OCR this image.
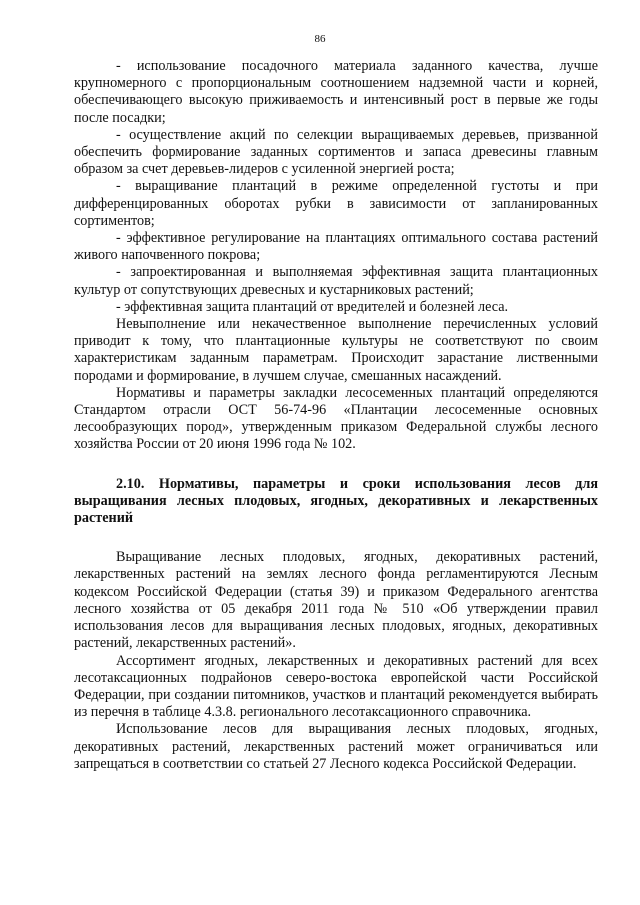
86

- использование посадочного материала заданного качества, лучше крупномерного с пропорциональным соотношением надземной части и корней, обеспечивающего высокую приживаемость и интенсивный рост в первые же годы после посадки;

- осуществление акций по селекции выращиваемых деревьев, призванной обеспечить формирование заданных сортиментов и запаса древесины главным образом за счет деревьев-лидеров с усиленной энергией роста;

- выращивание плантаций в режиме определенной густоты и при дифференцированных оборотах рубки в зависимости от запланированных сортиментов;

- эффективное регулирование на плантациях оптимального состава растений живого напочвенного покрова;

- запроектированная и выполняемая эффективная защита плантационных культур от сопутствующих древесных и кустарниковых растений;

- эффективная защита плантаций от вредителей и болезней леса.

Невыполнение или некачественное выполнение перечисленных условий приводит к тому, что плантационные культуры не соответствуют по своим характеристикам заданным параметрам. Происходит зарастание лиственными породами и формирование, в лучшем случае, смешанных насаждений.

Нормативы и параметры закладки лесосеменных плантаций определяются Стандартом отрасли ОСТ 56-74-96 «Плантации лесосеменные основных лесообразующих пород», утвержденным приказом Федеральной службы лесного хозяйства России от 20 июня 1996 года № 102.

2.10. Нормативы, параметры и сроки использования лесов для выращивания лесных плодовых, ягодных, декоративных и лекарственных растений

Выращивание лесных плодовых, ягодных, декоративных растений, лекарственных растений на землях лесного фонда регламентируются Лесным кодексом Российской Федерации (статья 39) и приказом Федерального агентства лесного хозяйства от 05 декабря 2011 года № 510 «Об утверждении правил использования лесов для выращивания лесных плодовых, ягодных, декоративных растений, лекарственных растений».

Ассортимент ягодных, лекарственных и декоративных растений для всех лесотаксационных подрайонов северо-востока европейской части Российской Федерации, при создании питомников, участков и плантаций рекомендуется выбирать из перечня в таблице 4.3.8. регионального лесотаксационного справочника.

Использование лесов для выращивания лесных плодовых, ягодных, декоративных растений, лекарственных растений может ограничиваться или запрещаться в соответствии со статьей 27 Лесного кодекса Российской Федерации.
